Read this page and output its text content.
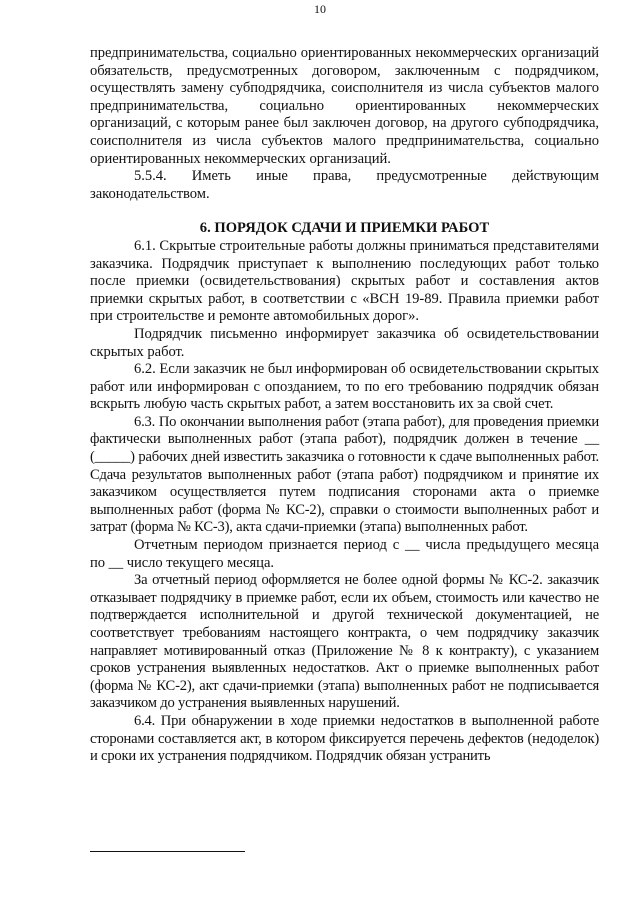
10

предпринимательства, социально ориентированных некоммерческих организаций обязательств, предусмотренных договором, заключенным с подрядчиком, осуществлять замену субподрядчика, соисполнителя из числа субъектов малого предпринимательства, социально ориентированных некоммерческих организаций, с которым ранее был заключен договор, на другого субподрядчика, соисполнителя из числа субъектов малого предпринимательства, социально ориентированных некоммерческих организаций.

5.5.4. Иметь иные права, предусмотренные действующим законодательством.

6. ПОРЯДОК СДАЧИ И ПРИЕМКИ РАБОТ

6.1. Скрытые строительные работы должны приниматься представителями заказчика. Подрядчик приступает к выполнению последующих работ только после приемки (освидетельствования) скрытых работ и составления актов приемки скрытых работ, в соответствии с «ВСН 19-89. Правила приемки работ при строительстве и ремонте автомобильных дорог».

Подрядчик письменно информирует заказчика об освидетельствовании скрытых работ.

6.2. Если заказчик не был информирован об освидетельствовании скрытых работ или информирован с опозданием, то по его требованию подрядчик обязан вскрыть любую часть скрытых работ, а затем восстановить их за свой счет.

6.3. По окончании выполнения работ (этапа работ), для проведения приемки фактически выполненных работ (этапа работ), подрядчик должен в течение __ (_____) рабочих дней известить заказчика о готовности к сдаче выполненных работ. Сдача результатов выполненных работ (этапа работ) подрядчиком и принятие их заказчиком осуществляется путем подписания сторонами акта о приемке выполненных работ (форма № КС-2), справки о стоимости выполненных работ и затрат (форма № КС-3), акта сдачи-приемки (этапа) выполненных работ.

Отчетным периодом признается период с __ числа предыдущего месяца по __ число текущего месяца.

За отчетный период оформляется не более одной формы № КС-2. заказчик отказывает подрядчику в приемке работ, если их объем, стоимость или качество не подтверждается исполнительной и другой технической документацией, не соответствует требованиям настоящего контракта, о чем подрядчику заказчик направляет мотивированный отказ (Приложение № 8 к контракту), с указанием сроков устранения выявленных недостатков. Акт о приемке выполненных работ (форма № КС-2), акт сдачи-приемки (этапа) выполненных работ не подписывается заказчиком до устранения выявленных нарушений.

6.4. При обнаружении в ходе приемки недостатков в выполненной работе сторонами составляется акт, в котором фиксируется перечень дефектов (недоделок) и сроки их устранения подрядчиком. Подрядчик обязан устранить
